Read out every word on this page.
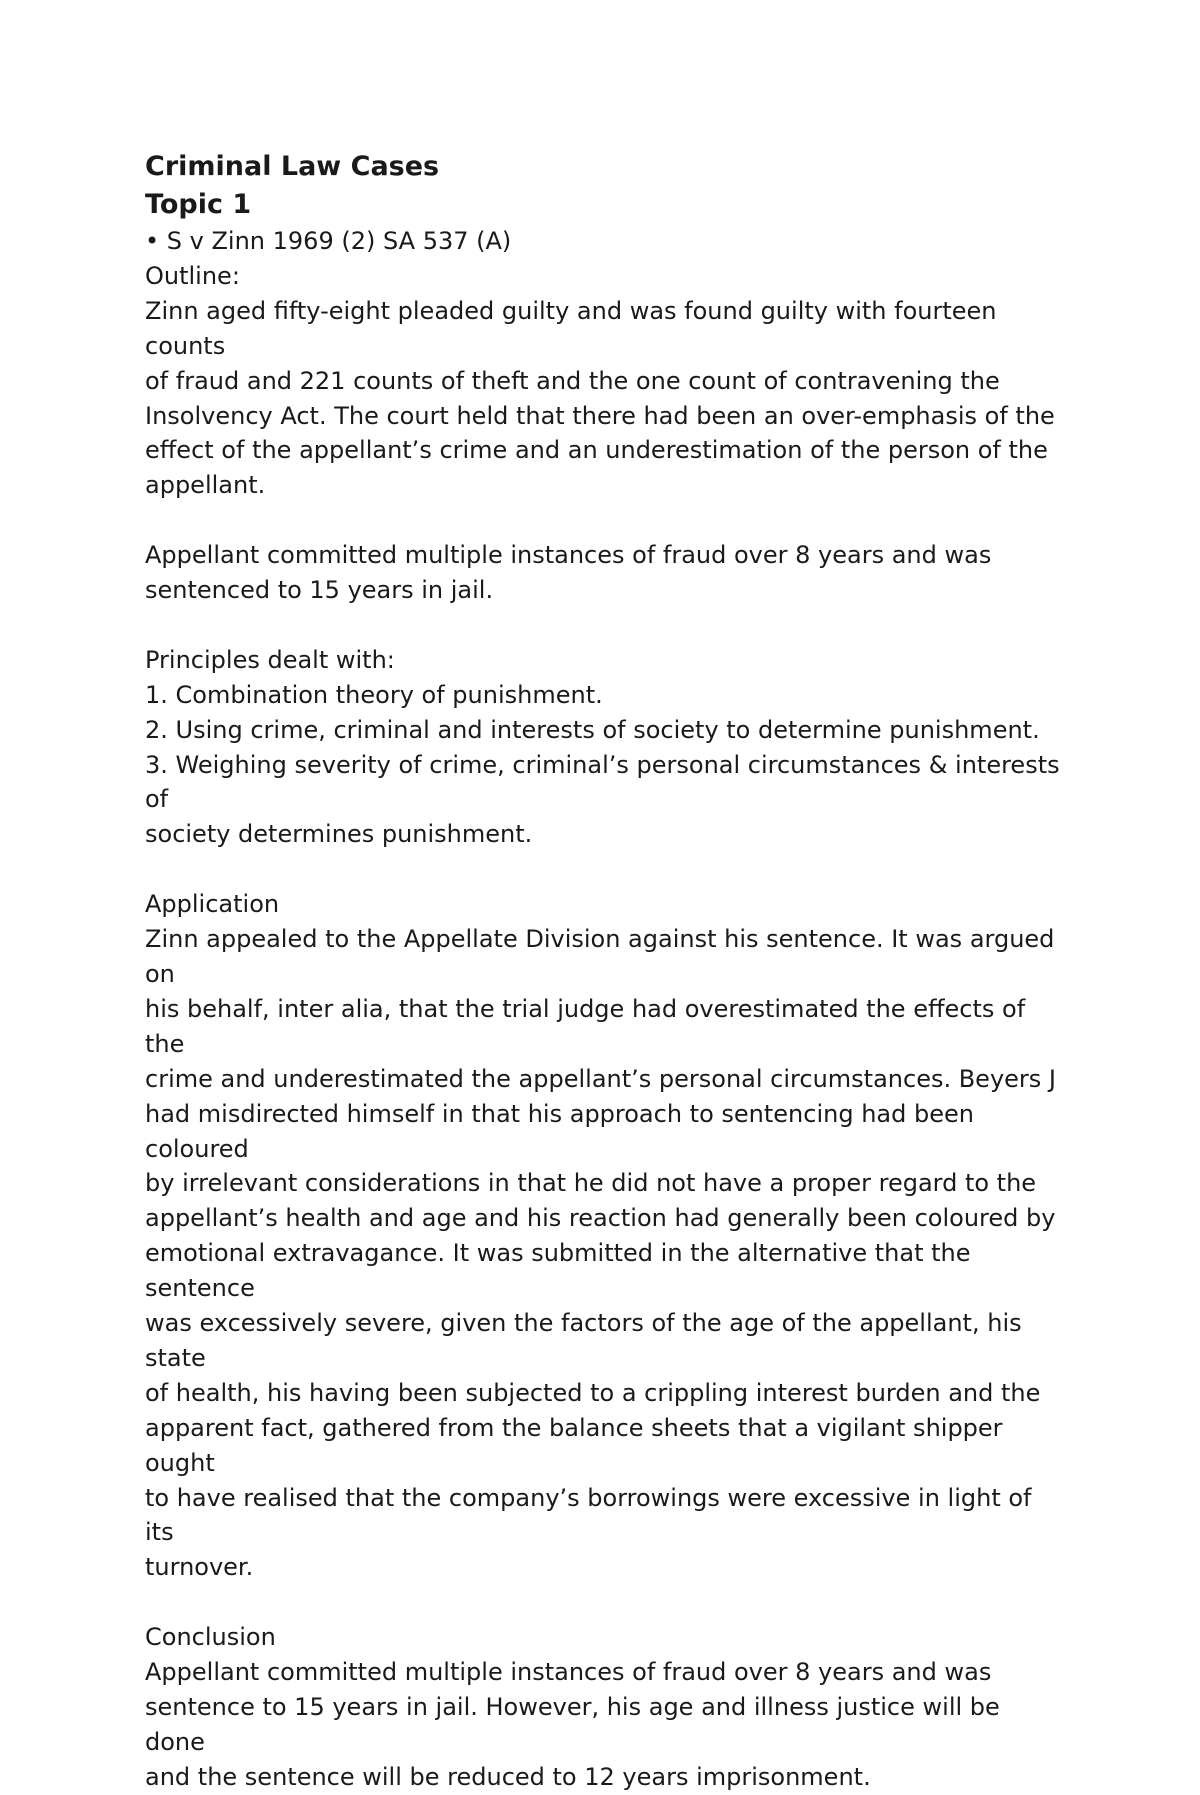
Criminal Law Cases

Topic 1

• S v Zinn 1969 (2) SA 537 (A)

Outline:

Zinn aged fifty-eight pleaded guilty and was found guilty with fourteen counts

of fraud and 221 counts of theft and the one count of contravening the

Insolvency Act. The court held that there had been an over-emphasis of the

effect of the appellant’s crime and an underestimation of the person of the

appellant.

Appellant committed multiple instances of fraud over 8 years and was

sentenced to 15 years in jail.

Principles dealt with:

1. Combination theory of punishment.

2. Using crime, criminal and interests of society to determine punishment.

3. Weighing severity of crime, criminal’s personal circumstances & interests of

society determines punishment.

Application

Zinn appealed to the Appellate Division against his sentence. It was argued on

his behalf, inter alia, that the trial judge had overestimated the effects of the

crime and underestimated the appellant’s personal circumstances. Beyers J

had misdirected himself in that his approach to sentencing had been coloured

by irrelevant considerations in that he did not have a proper regard to the

appellant’s health and age and his reaction had generally been coloured by

emotional extravagance. It was submitted in the alternative that the sentence

was excessively severe, given the factors of the age of the appellant, his state

of health, his having been subjected to a crippling interest burden and the

apparent fact, gathered from the balance sheets that a vigilant shipper ought

to have realised that the company’s borrowings were excessive in light of its

turnover.

Conclusion

Appellant committed multiple instances of fraud over 8 years and was

sentence to 15 years in jail. However, his age and illness justice will be done

and the sentence will be reduced to 12 years imprisonment.
